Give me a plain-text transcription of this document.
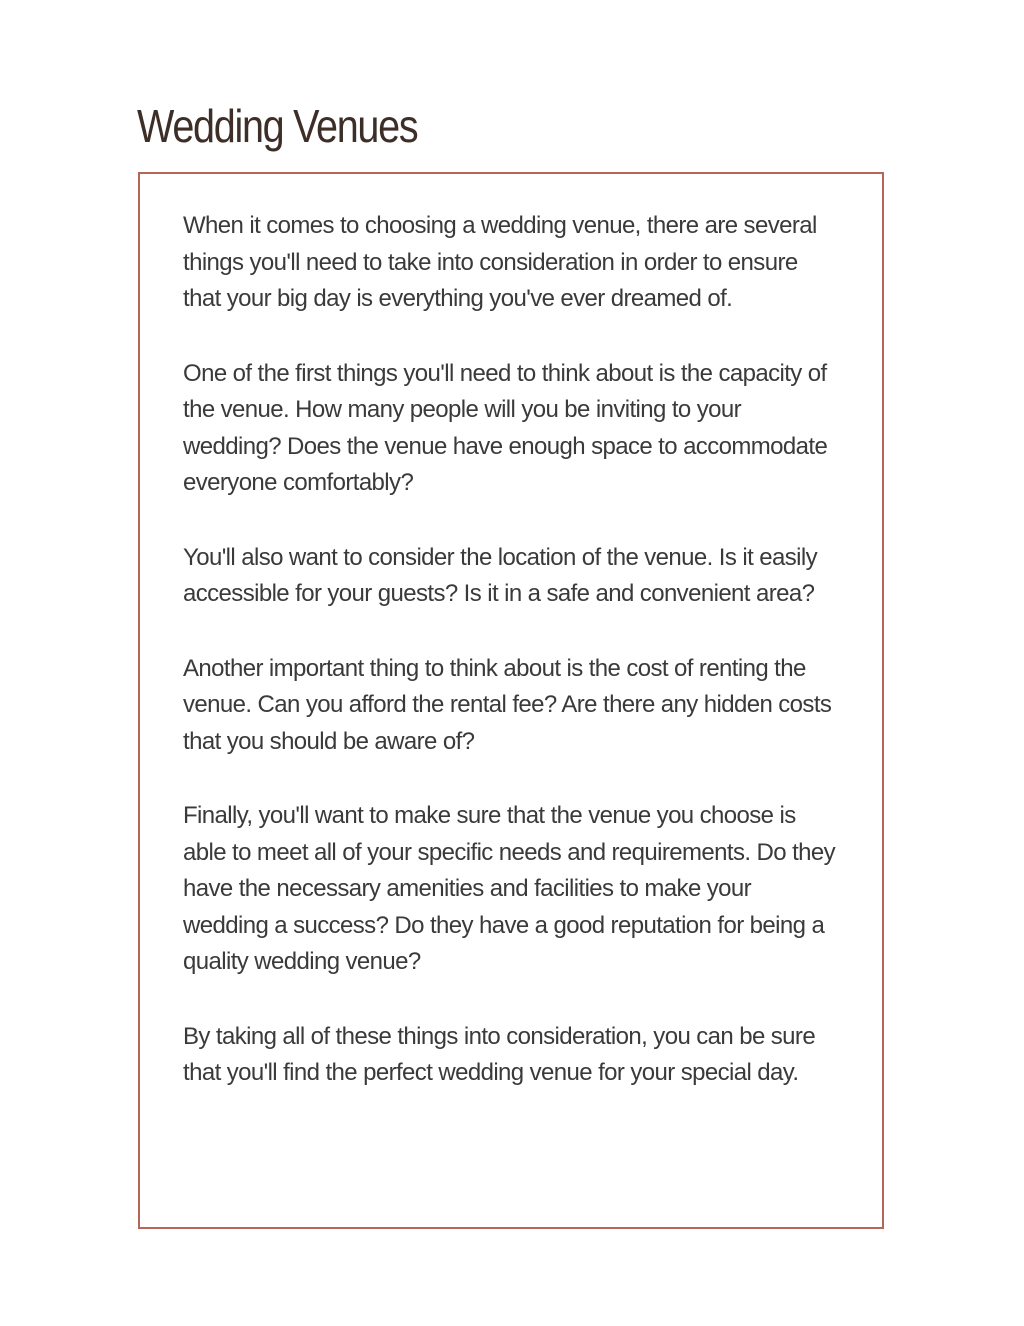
Wedding Venues

When it comes to choosing a wedding venue, there are several things you'll need to take into consideration in order to ensure that your big day is everything you've ever dreamed of.

One of the first things you'll need to think about is the capacity of the venue. How many people will you be inviting to your wedding? Does the venue have enough space to accommodate everyone comfortably?

You'll also want to consider the location of the venue. Is it easily accessible for your guests? Is it in a safe and convenient area?

Another important thing to think about is the cost of renting the venue. Can you afford the rental fee? Are there any hidden costs that you should be aware of?

Finally, you'll want to make sure that the venue you choose is able to meet all of your specific needs and requirements. Do they have the necessary amenities and facilities to make your wedding a success? Do they have a good reputation for being a quality wedding venue?

By taking all of these things into consideration, you can be sure that you'll find the perfect wedding venue for your special day.
